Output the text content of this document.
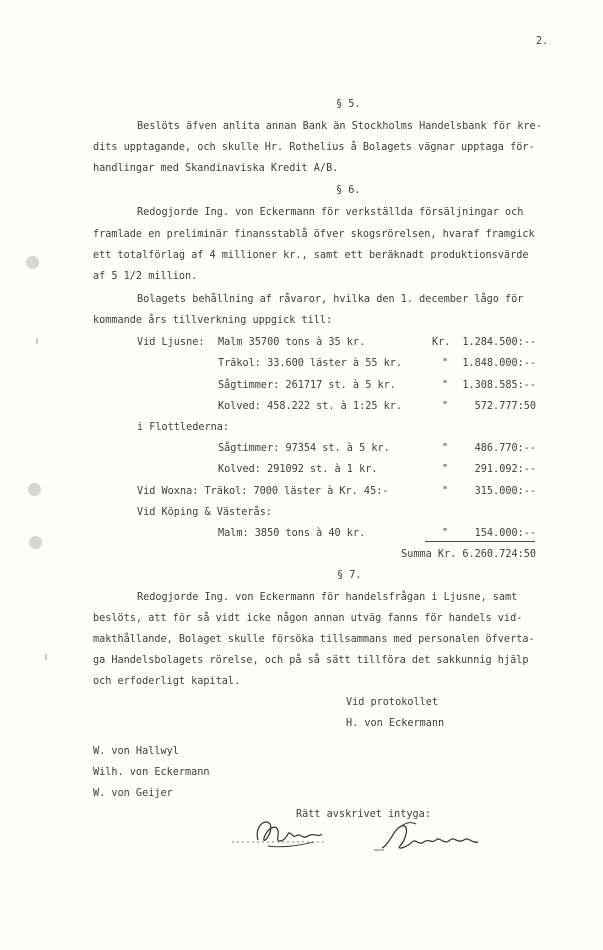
2.
§ 5.
Beslöts äfven anlita annan Bank än Stockholms Handelsbank för kre-
dits upptagande, och skulle Hr. Rothelius å Bolagets vägnar upptaga för-
handlingar med Skandinaviska Kredit A/B.
§ 6.
Redogjorde Ing. von Eckermann för verkställda försäljningar och
framlade en preliminär finansstablå öfver skogsrörelsen, hvaraf framgick
ett totalförlag af 4 millioner kr., samt ett beräknadt produktionsvärde
af 5 1/2 million.
Bolagets behållning af råvaror, hvilka den 1. december lågo för
kommande års tillverkning uppgick till:
Vid Ljusne: Malm 35700 tons à 35 kr.	Kr.	1.284.500:--
Träkol: 33.600 läster à 55 kr.	"	1.848.000:--
Sågtimmer: 261717 st. à 5 kr.	"	1.308.585:--
Kolved: 458.222 st. à 1:25 kr.	"	572.777:50
i Flottlederna:
Sågtimmer: 97354 st. à 5 kr.	"	486.770:--
Kolved: 291092 st. à 1 kr.	"	291.092:--
Vid Woxna: Träkol: 7000 läster à Kr. 45:-	"	315.000:--
Vid Köping & Västerås:
Malm: 3850 tons à 40 kr.	"	154.000:--
Summa Kr. 6.260.724:50
§ 7.
Redogjorde Ing. von Eckermann för handelsfrågan i Ljusne, samt
beslöts, att för så vidt icke någon annan utväg fanns för handels vid-
makthållande, Bolaget skulle försöka tillsammans med personalen öfverta-
ga Handelsbolagets rörelse, och på så sätt tillföra det sakkunnig hjälp
och erfoderligt kapital.
Vid protokollet
H. von Eckermann
W. von Hallwyl
Wilh. von Eckermann
W. von Geijer
Rätt avskrivet intyga:
